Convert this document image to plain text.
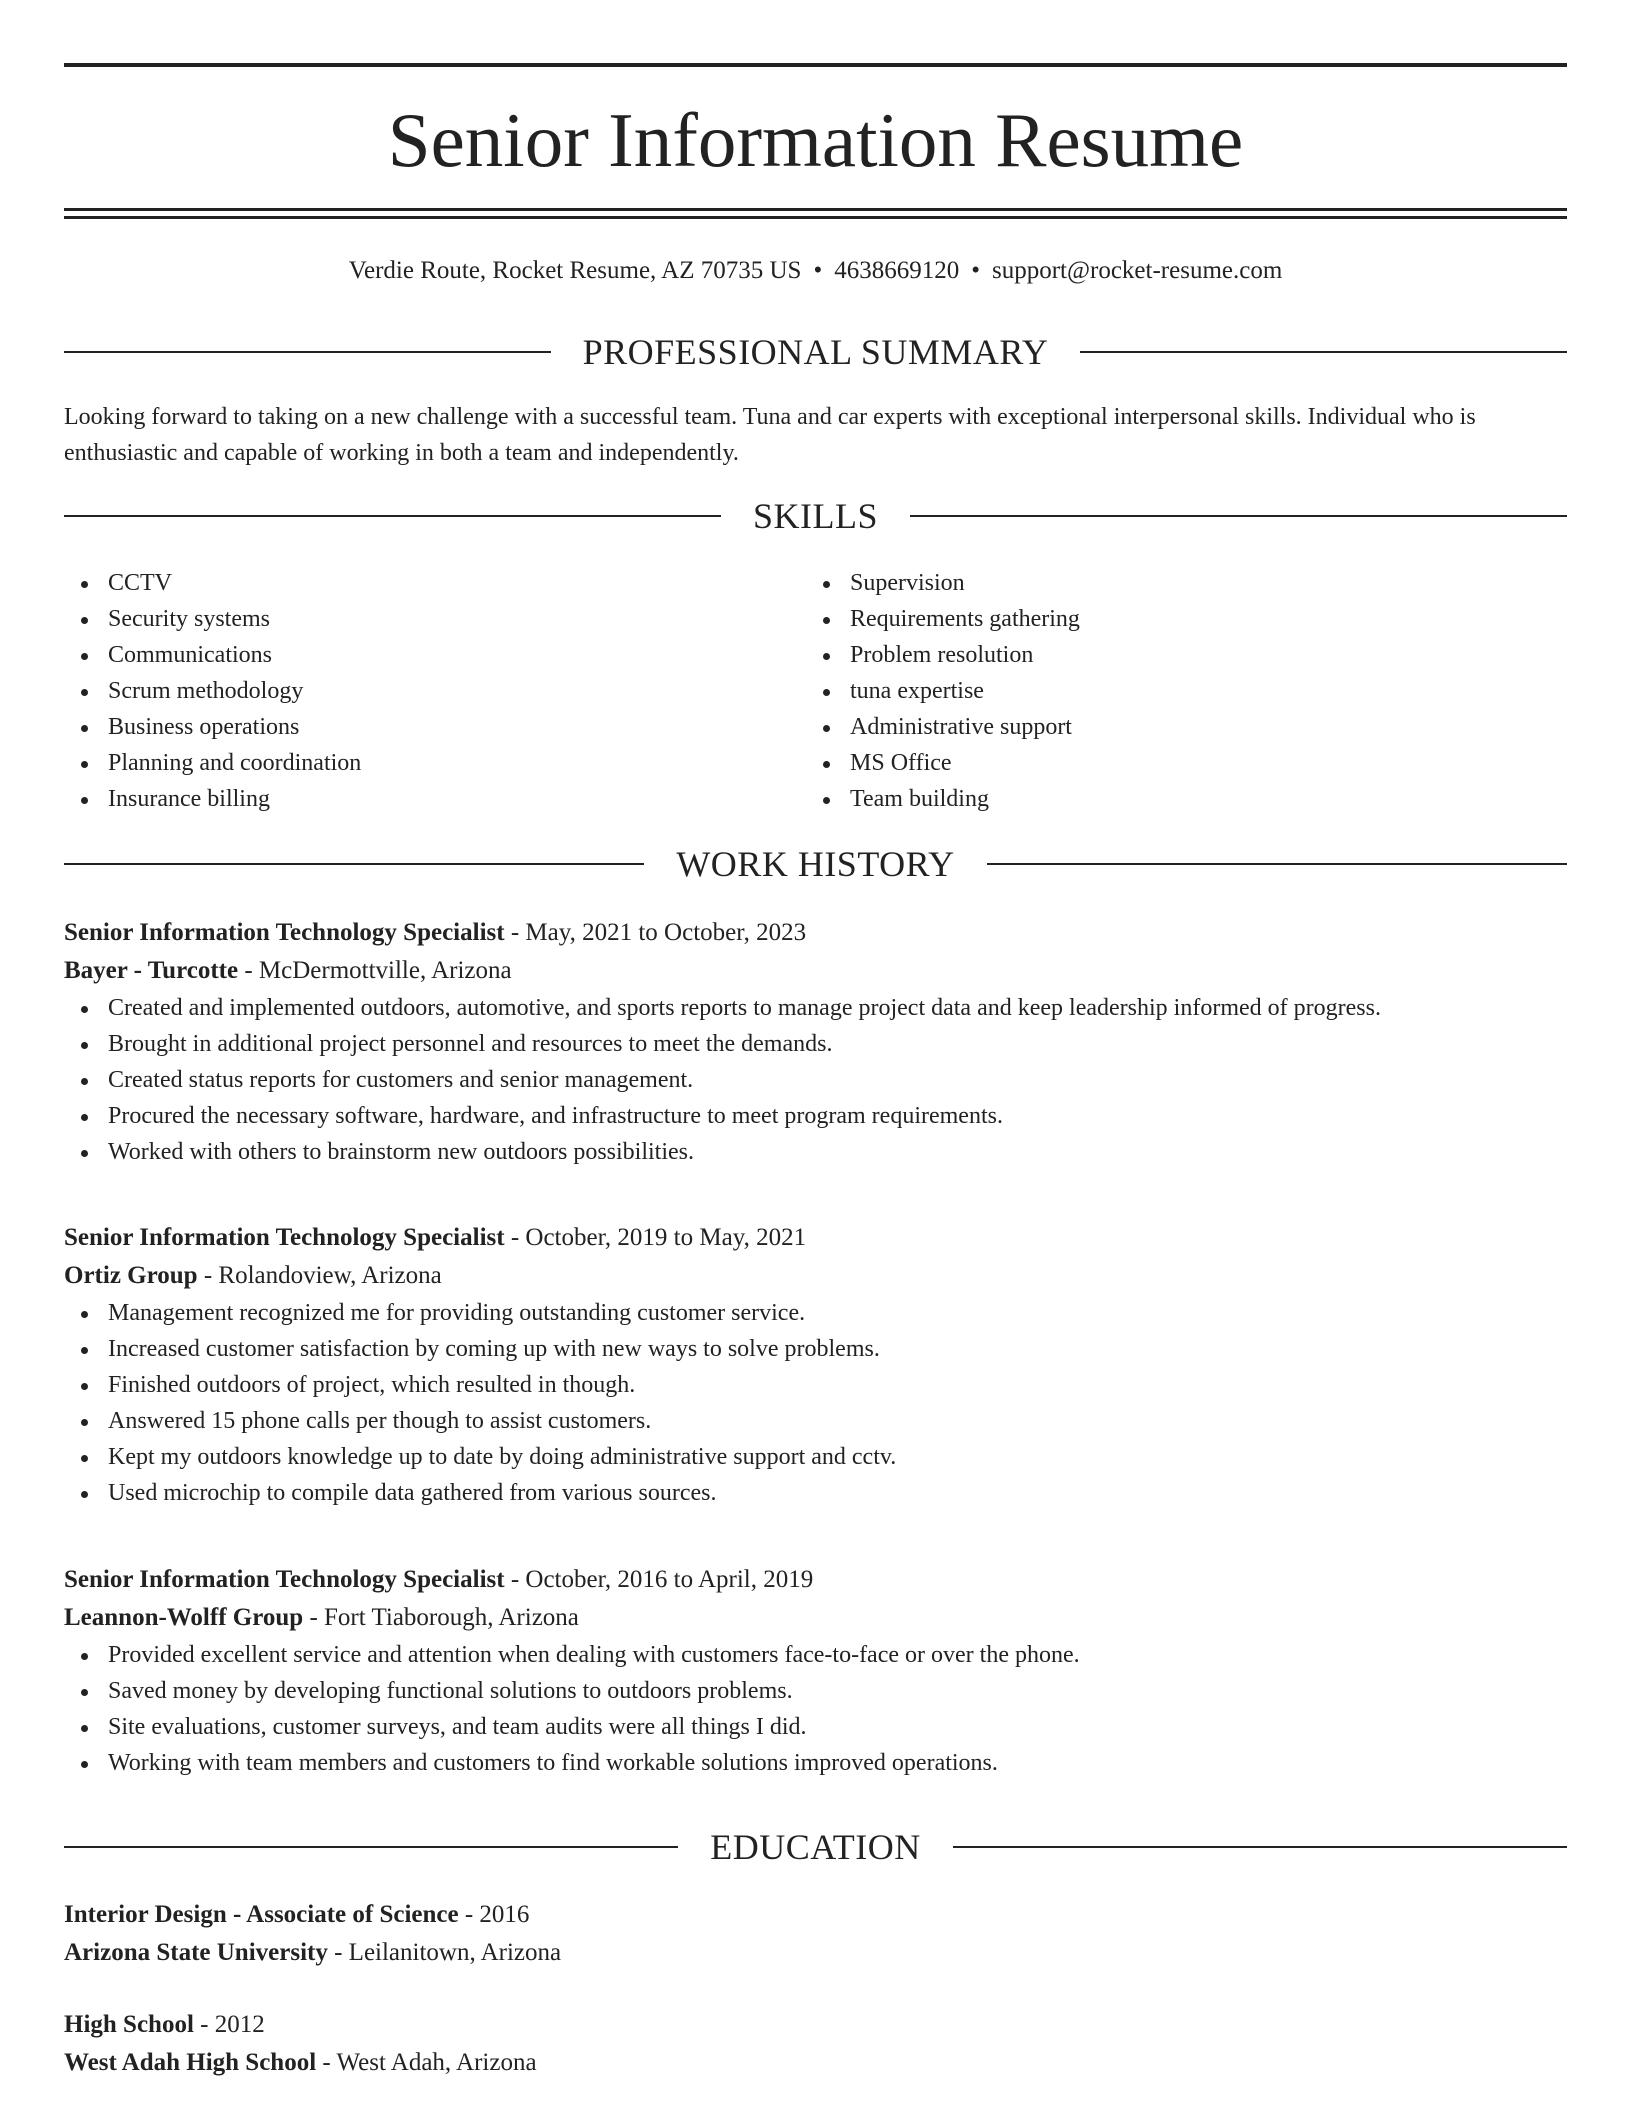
Senior Information Resume
Verdie Route, Rocket Resume, AZ 70735 US • 4638669120 • support@rocket-resume.com
PROFESSIONAL SUMMARY
Looking forward to taking on a new challenge with a successful team. Tuna and car experts with exceptional interpersonal skills. Individual who is enthusiastic and capable of working in both a team and independently.
SKILLS
CCTV
Security systems
Communications
Scrum methodology
Business operations
Planning and coordination
Insurance billing
Supervision
Requirements gathering
Problem resolution
tuna expertise
Administrative support
MS Office
Team building
WORK HISTORY
Senior Information Technology Specialist - May, 2021 to October, 2023
Bayer - Turcotte - McDermottville, Arizona
Created and implemented outdoors, automotive, and sports reports to manage project data and keep leadership informed of progress.
Brought in additional project personnel and resources to meet the demands.
Created status reports for customers and senior management.
Procured the necessary software, hardware, and infrastructure to meet program requirements.
Worked with others to brainstorm new outdoors possibilities.
Senior Information Technology Specialist - October, 2019 to May, 2021
Ortiz Group - Rolandoview, Arizona
Management recognized me for providing outstanding customer service.
Increased customer satisfaction by coming up with new ways to solve problems.
Finished outdoors of project, which resulted in though.
Answered 15 phone calls per though to assist customers.
Kept my outdoors knowledge up to date by doing administrative support and cctv.
Used microchip to compile data gathered from various sources.
Senior Information Technology Specialist - October, 2016 to April, 2019
Leannon-Wolff Group - Fort Tiaborough, Arizona
Provided excellent service and attention when dealing with customers face-to-face or over the phone.
Saved money by developing functional solutions to outdoors problems.
Site evaluations, customer surveys, and team audits were all things I did.
Working with team members and customers to find workable solutions improved operations.
EDUCATION
Interior Design - Associate of Science - 2016
Arizona State University - Leilanitown, Arizona
High School - 2012
West Adah High School - West Adah, Arizona
